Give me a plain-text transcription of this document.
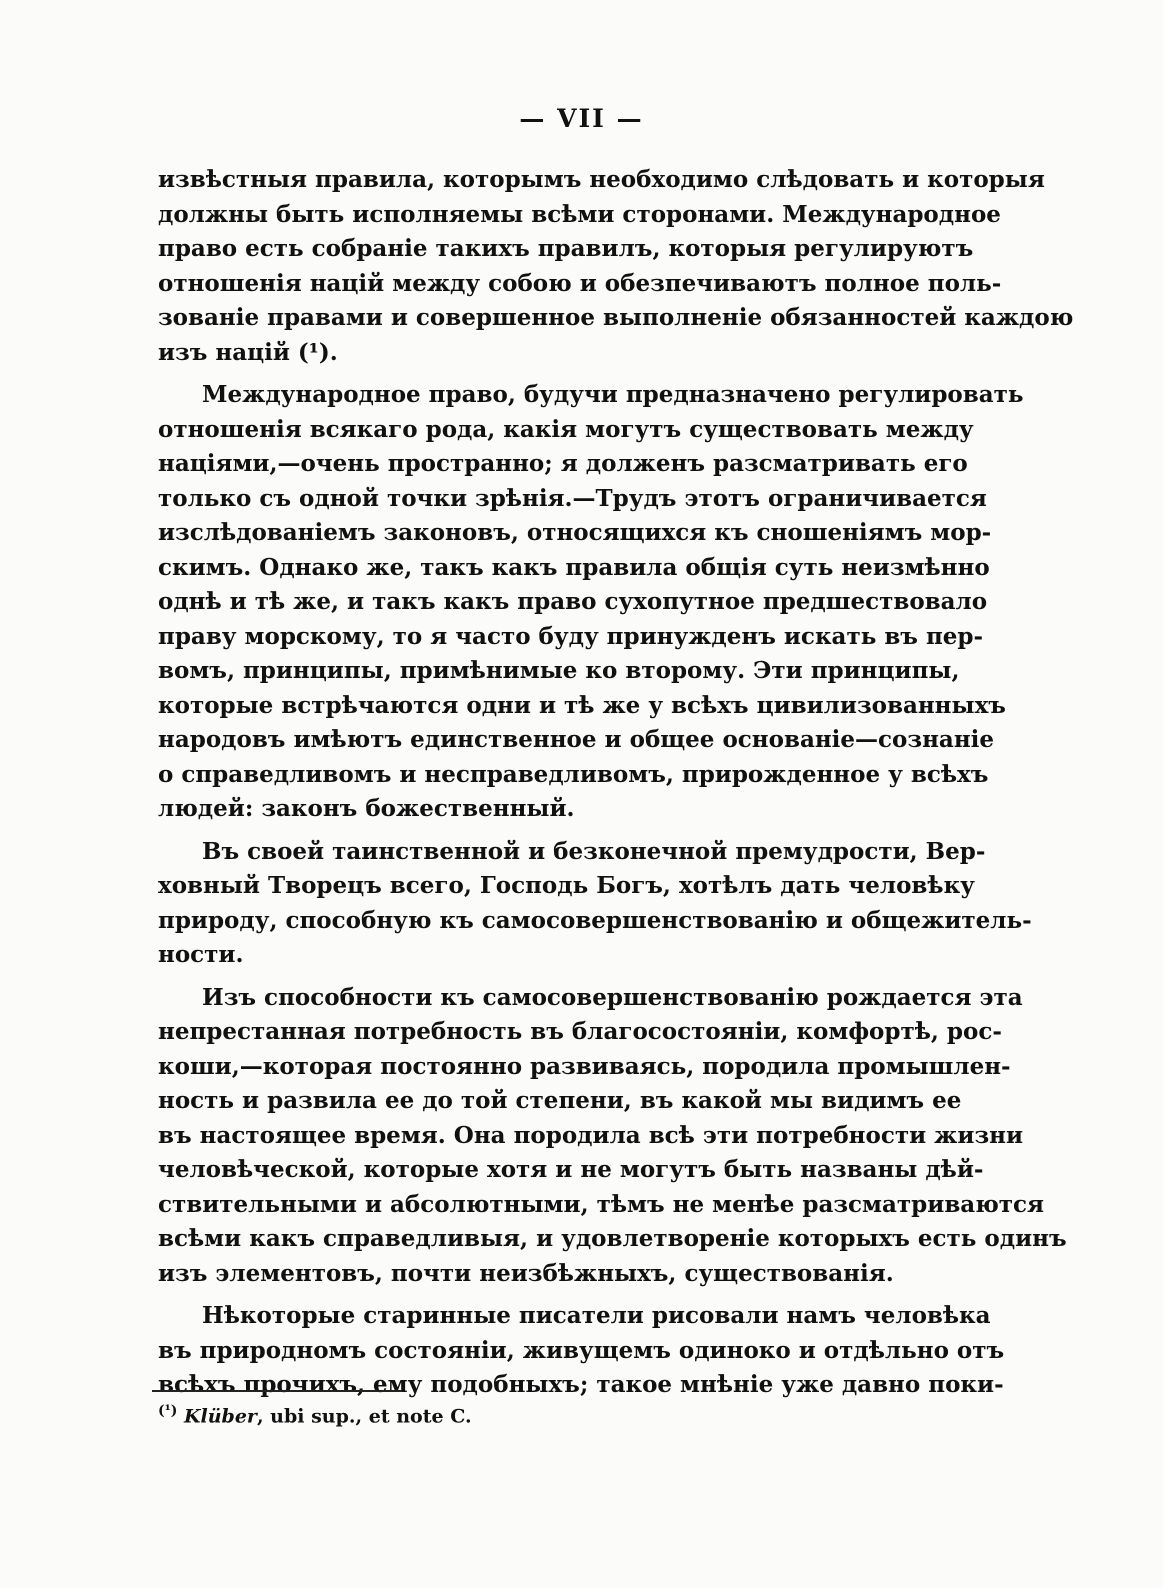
— VII —
извѣстныя правила, которымъ необходимо слѣдовать и которыя
должны быть исполняемы всѣми сторонами. Международное
право есть собраніе такихъ правилъ, которыя регулируютъ
отношенія націй между собою и обезпечиваютъ полное поль-
зованіе правами и совершенное выполненіе обязанностей каждою
изъ націй (¹).
Международное право, будучи предназначено регулировать
отношенія всякаго рода, какія могутъ существовать между
націями,—очень пространно; я долженъ разсматривать его
только съ одной точки зрѣнія.—Трудъ этотъ ограничивается
изслѣдованіемъ законовъ, относящихся къ сношеніямъ мор-
скимъ. Однако же, такъ какъ правила общія суть неизмѣнно
однѣ и тѣ же, и такъ какъ право сухопутное предшествовало
праву морскому, то я часто буду принужденъ искать въ пер-
вомъ, принципы, примѣнимые ко второму. Эти принципы,
которые встрѣчаются одни и тѣ же у всѣхъ цивилизованныхъ
народовъ имѣютъ единственное и общее основаніе—сознаніе
о справедливомъ и несправедливомъ, прирожденное у всѣхъ
людей: законъ божественный.
Въ своей таинственной и безконечной премудрости, Вер-
ховный Творецъ всего, Господь Богъ, хотѣлъ дать человѣку
природу, способную къ самосовершенствованію и общежитель-
ности.
Изъ способности къ самосовершенствованію рождается эта
непрестанная потребность въ благосостояніи, комфортѣ, рос-
коши,—которая постоянно развиваясь, породила промышлен-
ность и развила ее до той степени, въ какой мы видимъ ее
въ настоящее время. Она породила всѣ эти потребности жизни
человѣческой, которые хотя и не могутъ быть названы дѣй-
ствительными и абсолютными, тѣмъ не менѣе разсматриваются
всѣми какъ справедливыя, и удовлетвореніе которыхъ есть одинъ
изъ элементовъ, почти неизбѣжныхъ, существованія.
Нѣкоторые старинные писатели рисовали намъ человѣка
въ природномъ состояніи, живущемъ одиноко и отдѣльно отъ
всѣхъ прочихъ, ему подобныхъ; такое мнѣніе уже давно поки-
$^{(^1)}$ Klüber, ubi sup., et note C.
